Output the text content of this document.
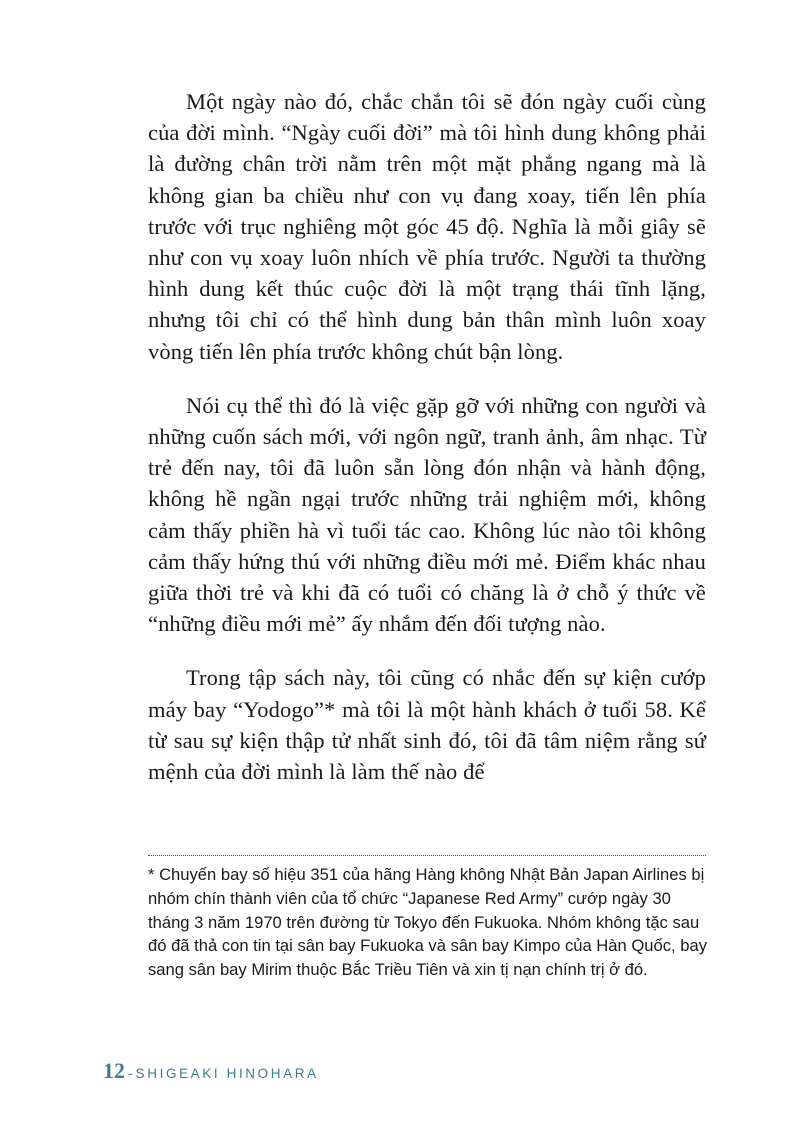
Một ngày nào đó, chắc chắn tôi sẽ đón ngày cuối cùng của đời mình. “Ngày cuối đời” mà tôi hình dung không phải là đường chân trời nằm trên một mặt phẳng ngang mà là không gian ba chiều như con vụ đang xoay, tiến lên phía trước với trục nghiêng một góc 45 độ. Nghĩa là mỗi giây sẽ như con vụ xoay luôn nhích về phía trước. Người ta thường hình dung kết thúc cuộc đời là một trạng thái tĩnh lặng, nhưng tôi chỉ có thể hình dung bản thân mình luôn xoay vòng tiến lên phía trước không chút bận lòng.

Nói cụ thể thì đó là việc gặp gỡ với những con người và những cuốn sách mới, với ngôn ngữ, tranh ảnh, âm nhạc. Từ trẻ đến nay, tôi đã luôn sẵn lòng đón nhận và hành động, không hề ngần ngại trước những trải nghiệm mới, không cảm thấy phiền hà vì tuổi tác cao. Không lúc nào tôi không cảm thấy hứng thú với những điều mới mẻ. Điểm khác nhau giữa thời trẻ và khi đã có tuổi có chăng là ở chỗ ý thức về “những điều mới mẻ” ấy nhắm đến đối tượng nào.

Trong tập sách này, tôi cũng có nhắc đến sự kiện cướp máy bay “Yodogo”* mà tôi là một hành khách ở tuổi 58. Kể từ sau sự kiện thập tử nhất sinh đó, tôi đã tâm niệm rằng sứ mệnh của đời mình là làm thế nào để

* Chuyến bay số hiệu 351 của hãng Hàng không Nhật Bản Japan Airlines bị nhóm chín thành viên của tổ chức “Japanese Red Army” cướp ngày 30 tháng 3 năm 1970 trên đường từ Tokyo đến Fukuoka. Nhóm không tặc sau đó đã thả con tin tại sân bay Fukuoka và sân bay Kimpo của Hàn Quốc, bay sang sân bay Mirim thuộc Bắc Triều Tiên và xin tị nạn chính trị ở đó.

12 - SHIGEAKI HINOHARA
